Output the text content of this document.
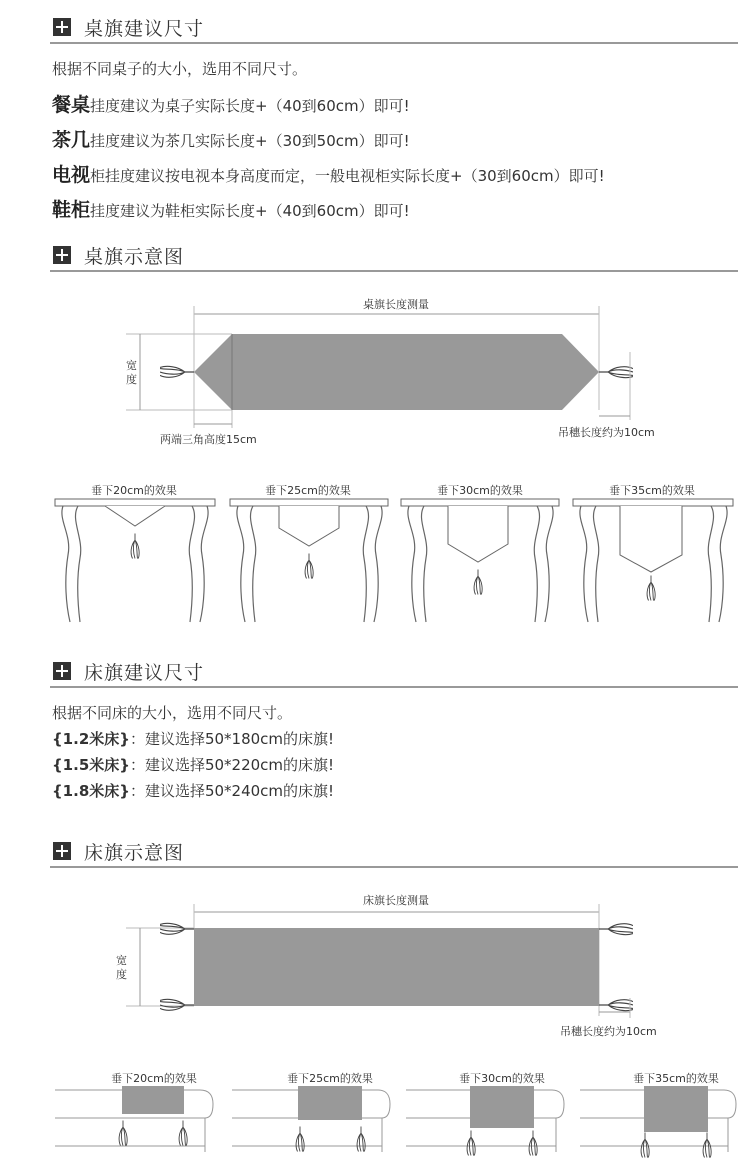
桌旗建议尺寸
根据不同桌子的大小，选用不同尺寸。
餐桌挂度建议为桌子实际长度+（40到60cm）即可!
茶几挂度建议为茶几实际长度+（30到50cm）即可!
电视柜挂度建议按电视本身高度而定，一般电视柜实际长度+（30到60cm）即可!
鞋柜挂度建议为鞋柜实际长度+（40到60cm）即可!
桌旗示意图
桌旗长度测量
宽
度
两端三角高度15cm
吊穗长度约为10cm
垂下20cm的效果	垂下25cm的效果	垂下30cm的效果	垂下35cm的效果
床旗建议尺寸
根据不同床的大小，选用不同尺寸。
{1.2米床}：建议选择50*180cm的床旗!
{1.5米床}：建议选择50*220cm的床旗!
{1.8米床}：建议选择50*240cm的床旗!
床旗示意图
床旗长度测量
宽
度
吊穗长度约为10cm
垂下20cm的效果	垂下25cm的效果	垂下30cm的效果	垂下35cm的效果
